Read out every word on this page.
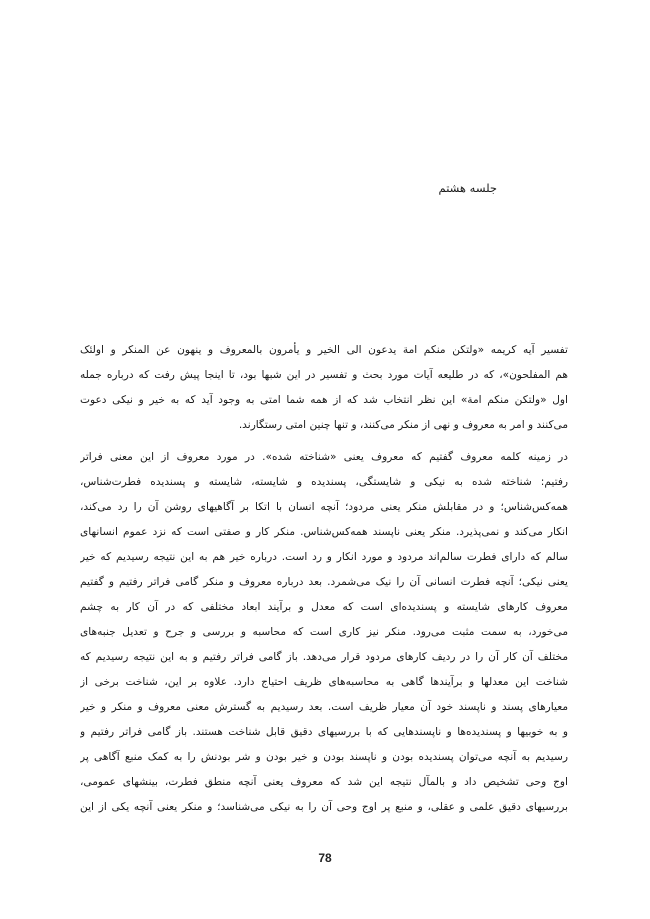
جلسه هشتم

تفسیر آیه کریمه «ولتکن منکم امة یدعون الی الخیر و یأمرون بالمعروف و ینهون عن المنکر و اولئک
هم المفلحون»، که در طلیعه آیات مورد بحث و تفسیر در این شبها بود، تا اینجا پیش رفت که درباره جمله
اول «ولتکن منکم امة» این نظر انتخاب شد که از همه شما امتی به وجود آید که به خیر و نیکی دعوت
می‌کنند و امر به معروف و نهی از منکر می‌کنند، و تنها چنین امتی رستگارند.

در زمینه کلمه معروف گفتیم که معروف یعنی «شناخته شده». در مورد معروف از این معنی فراتر
رفتیم: شناخته شده به نیکی و شایستگی، پسندیده و شایسته، شایسته و پسندیده فطرت‌شناس،
همه‌کس‌شناس؛ و در مقابلش منکر یعنی مردود؛ آنچه انسان با اتکا بر آگاهیهای روشن آن را رد می‌کند،
انکار می‌کند و نمی‌پذیرد. منکر یعنی ناپسند همه‌کس‌شناس. منکر کار و صفتی است که نزد عموم انسانهای
سالم که دارای فطرت سالم‌اند مردود و مورد انکار و رد است. درباره خیر هم به این نتیجه رسیدیم که خیر
یعنی نیکی؛ آنچه فطرت انسانی آن را نیک می‌شمرد. بعد درباره معروف و منکر گامی فراتر رفتیم و گفتیم
معروف کارهای شایسته و پسندیده‌ای است که معدل و برآیند ابعاد مختلفی که در آن کار به چشم
می‌خورد، به سمت مثبت می‌رود. منکر نیز کاری است که محاسبه و بررسی و جرح و تعدیل جنبه‌های
مختلف آن کار آن را در ردیف کارهای مردود قرار می‌دهد. باز گامی فراتر رفتیم و به این نتیجه رسیدیم که
شناخت این معدلها و برآیندها گاهی به محاسبه‌های ظریف احتیاج دارد. علاوه بر این، شناخت برخی از
معیارهای پسند و ناپسند خود آن معیار ظریف است. بعد رسیدیم به گسترش معنی معروف و منکر و خیر
و به خوبیها و پسندیده‌ها و ناپسندهایی که با بررسیهای دقیق قابل شناخت هستند. باز گامی فراتر رفتیم و
رسیدیم به آنچه می‌توان پسندیده بودن و ناپسند بودن و خیر بودن و شر بودنش را به کمک منبع آگاهی پر
اوج وحی تشخیص داد و بالمآل نتیجه این شد که معروف یعنی آنچه منطق فطرت، بینشهای عمومی،
بررسیهای دقیق علمی و عقلی، و منبع پر اوج وحی آن را به نیکی می‌شناسد؛ و منکر یعنی آنچه یکی از این

78
